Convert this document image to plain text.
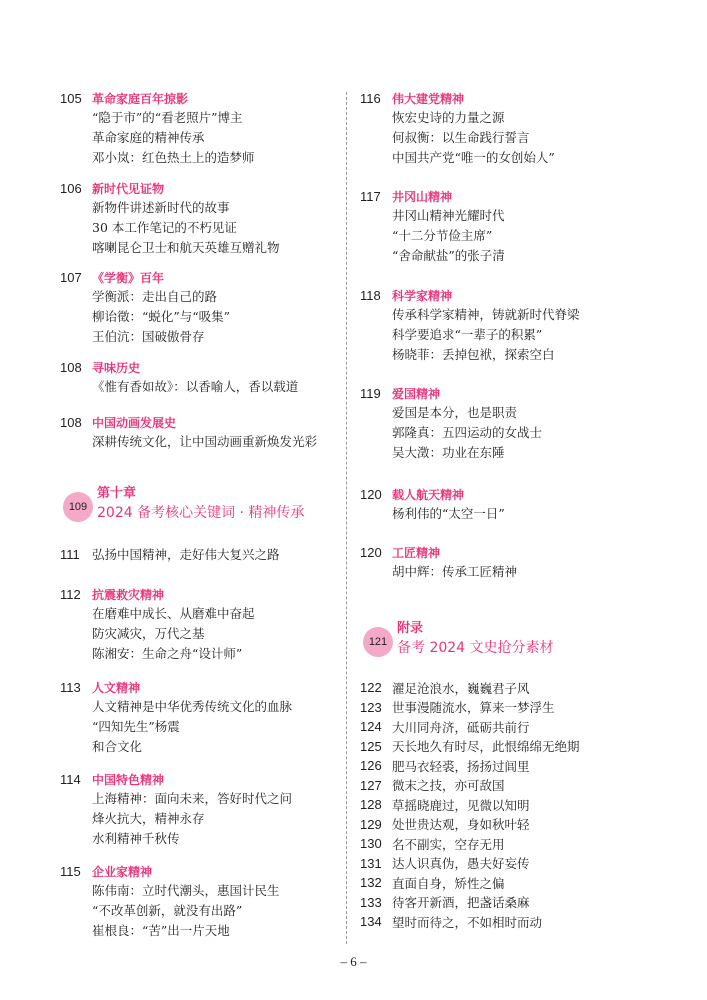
105 革命家庭百年掠影
“隐于市”的“看老照片”博主
革命家庭的精神传承
邓小岚：红色热土上的造梦师
106 新时代见证物
新物件讲述新时代的故事
30 本工作笔记的不朽见证
喀喇昆仑卫士和航天英雄互赠礼物
107 《学衡》百年
学衡派：走出自己的路
柳诒徵：“蜕化”与“吸集”
王伯沆：国破傲骨存
108 寻味历史
《惟有香如故》：以香喻人，香以载道
108 中国动画发展史
深耕传统文化，让中国动画重新焕发光彩
109
第十章
2024 备考核心关键词 · 精神传承
111 弘扬中国精神，走好伟大复兴之路
112 抗震救灾精神
在磨难中成长、从磨难中奋起
防灾减灾，万代之基
陈湘安：生命之舟“设计师”
113 人文精神
人文精神是中华优秀传统文化的血脉
“四知先生”杨震
和合文化
114 中国特色精神
上海精神：面向未来，答好时代之问
烽火抗大，精神永存
水利精神千秋传
115 企业家精神
陈伟南：立时代潮头，惠国计民生
“不改革创新，就没有出路”
崔根良：“苦”出一片天地
116 伟大建党精神
恢宏史诗的力量之源
何叔衡：以生命践行誓言
中国共产党“唯一的女创始人”
117 井冈山精神
井冈山精神光耀时代
“十二分节俭主席”
“舍命献盐”的张子清
118 科学家精神
传承科学家精神，铸就新时代脊梁
科学要追求“一辈子的积累”
杨晓菲：丢掉包袱，探索空白
119 爱国精神
爱国是本分，也是职责
郭隆真：五四运动的女战士
吴大澂：功业在东陲
120 载人航天精神
杨利伟的“太空一日”
120 工匠精神
胡中辉：传承工匠精神
121
附录
备考 2024 文史抢分素材
122 濯足沧浪水，巍巍君子风
123 世事漫随流水，算来一梦浮生
124 大川同舟济，砥砺共前行
125 天长地久有时尽，此恨绵绵无绝期
126 肥马衣轻裘，扬扬过闾里
127 微末之技，亦可敌国
128 草摇晓鹿过，见微以知明
129 处世贵达观，身如秋叶轻
130 名不副实，空存无用
131 达人识真伪，愚夫好妄传
132 直面自身，矫性之偏
133 待客开新酒，把盏话桑麻
134 望时而待之，不如相时而动
– 6 –
